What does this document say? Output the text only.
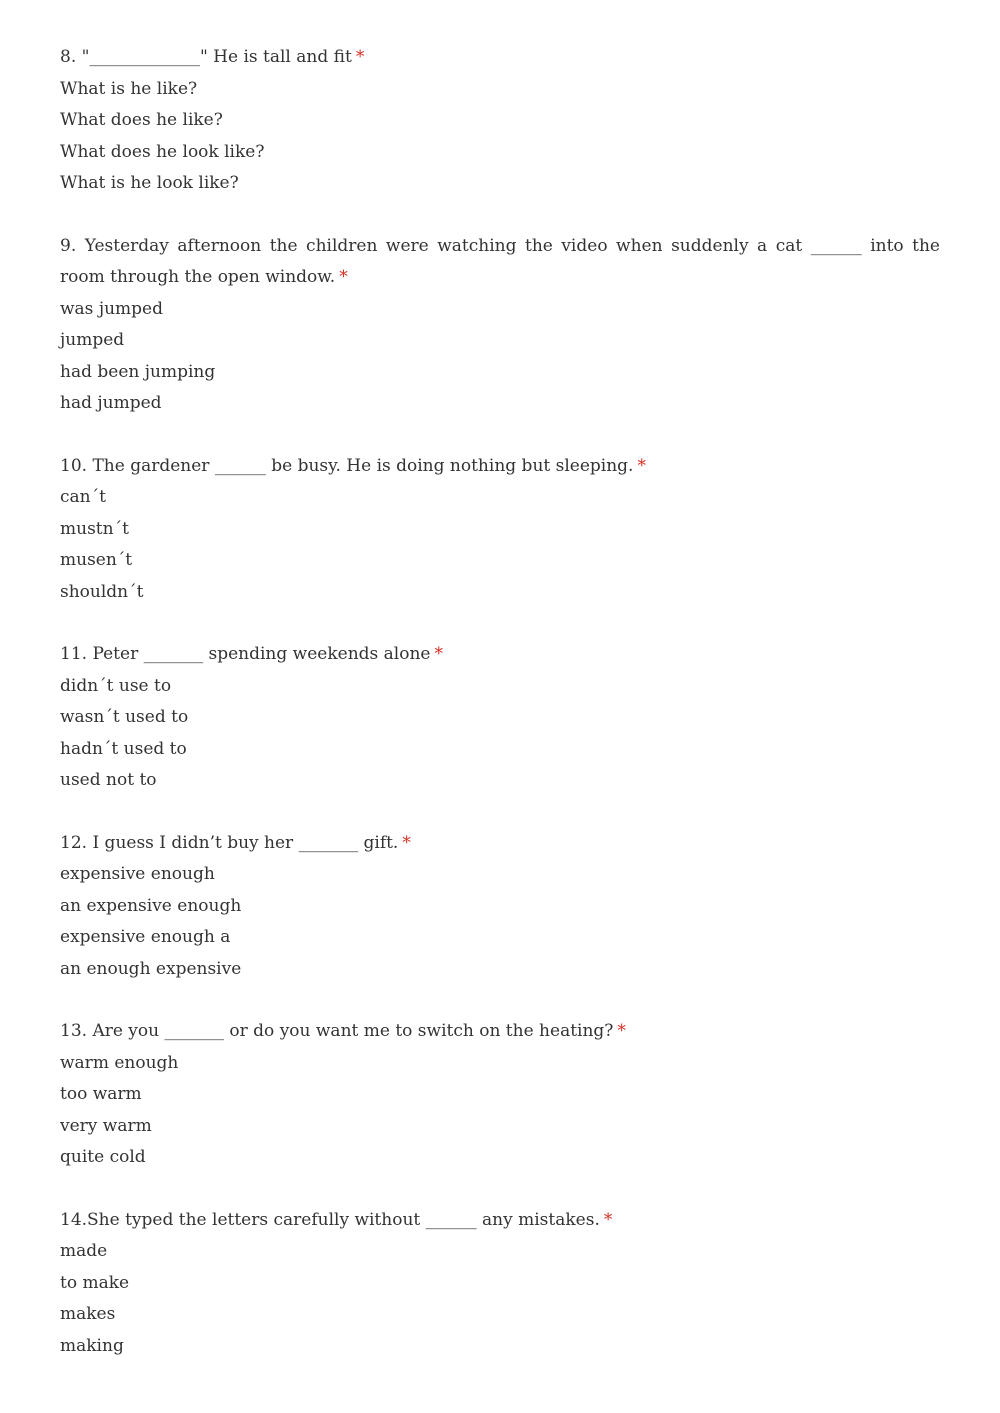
8. "_____________" He is tall and fit *

What is he like?
What does he like?
What does he look like?
What is he look like?

9. Yesterday afternoon the children were watching the video when suddenly a cat ______ into the room through the open window. *

was jumped
jumped
had been jumping
had jumped

10. The gardener ______ be busy. He is doing nothing but sleeping. *

can´t
mustn´t
musen´t
shouldn´t

11. Peter _______ spending weekends alone *

didn´t use to
wasn´t used to
hadn´t used to
used not to

12. I guess I didn’t buy her _______ gift. *

expensive enough
an expensive enough
expensive enough a
an enough expensive

13. Are you _______ or do you want me to switch on the heating? *

warm enough
too warm
very warm
quite cold

14.She typed the letters carefully without ______ any mistakes. *

made
to make
makes
making
